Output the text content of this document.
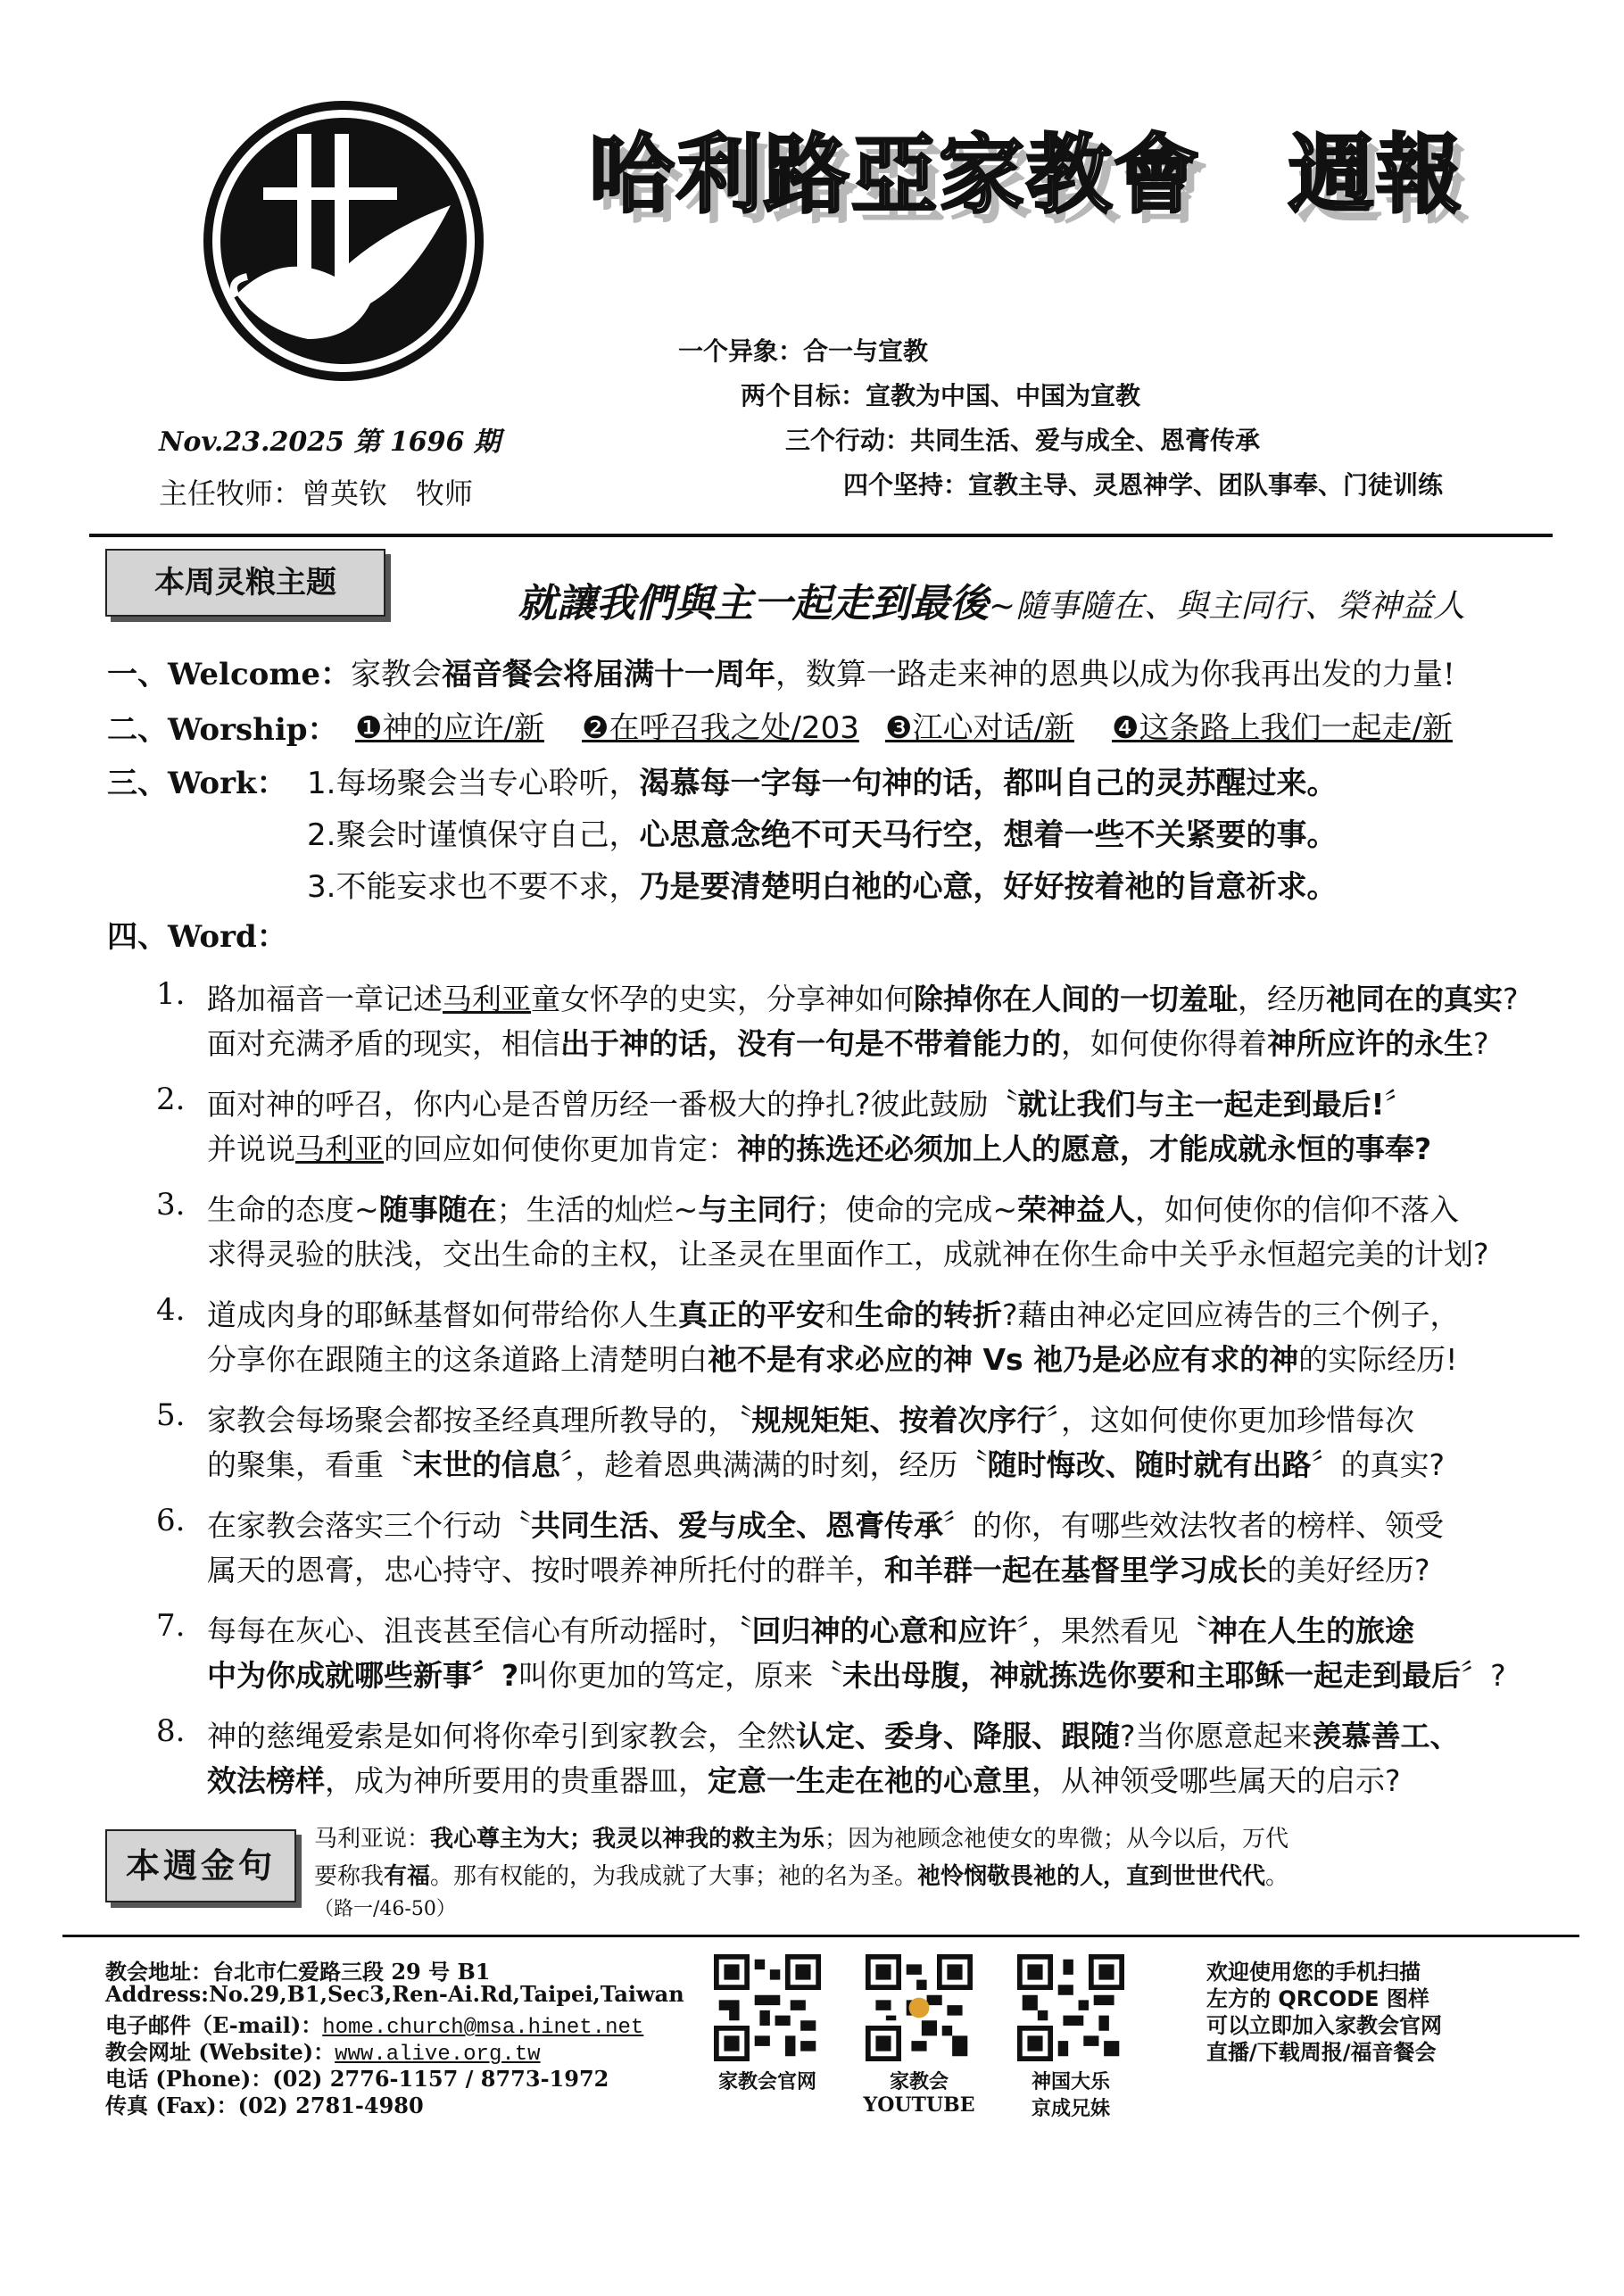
哈利路亞家教會　週報
一个异象：合一与宣教
两个目标：宣教为中国、中国为宣教
三个行动：共同生活、爱与成全、恩膏传承
四个坚持：宣教主导、灵恩神学、团队事奉、门徒训练
Nov.23.2025 第 1696 期
主任牧师：曾英钦　牧师
本周灵粮主题	就讓我們與主一起走到最後~隨事隨在、與主同行、榮神益人
一、Welcome：家教会福音餐会将届满十一周年，数算一路走来神的恩典以成为你我再出发的力量!
二、Worship： ❶神的应许/新 ❷在呼召我之处/203 ❸江心对话/新 ❹这条路上我们一起走/新
三、Work： 1.每场聚会当专心聆听，渴慕每一字每一句神的话，都叫自己的灵苏醒过来。
2.聚会时谨慎保守自己，心思意念绝不可天马行空，想着一些不关紧要的事。
3.不能妄求也不要不求，乃是要清楚明白祂的心意，好好按着祂的旨意祈求。
四、Word：
1. 路加福音一章记述马利亚童女怀孕的史实，分享神如何除掉你在人间的一切羞耻，经历祂同在的真实?
面对充满矛盾的现实，相信出于神的话，没有一句是不带着能力的，如何使你得着神所应许的永生?
2. 面对神的呼召，你内心是否曾历经一番极大的挣扎?彼此鼓励〝就让我们与主一起走到最后!〞
并说说马利亚的回应如何使你更加肯定：神的拣选还必须加上人的愿意，才能成就永恒的事奉?
3. 生命的态度~随事随在；生活的灿烂~与主同行；使命的完成~荣神益人，如何使你的信仰不落入
求得灵验的肤浅，交出生命的主权，让圣灵在里面作工，成就神在你生命中关乎永恒超完美的计划?
4. 道成肉身的耶稣基督如何带给你人生真正的平安和生命的转折?藉由神必定回应祷告的三个例子，
分享你在跟随主的这条道路上清楚明白祂不是有求必应的神 Vs 祂乃是必应有求的神的实际经历!
5. 家教会每场聚会都按圣经真理所教导的，〝规规矩矩、按着次序行〞，这如何使你更加珍惜每次
的聚集，看重〝末世的信息〞，趁着恩典满满的时刻，经历〝随时悔改、随时就有出路〞的真实?
6. 在家教会落实三个行动〝共同生活、爱与成全、恩膏传承〞的你，有哪些效法牧者的榜样、领受
属天的恩膏，忠心持守、按时喂养神所托付的群羊，和羊群一起在基督里学习成长的美好经历?
7. 每每在灰心、沮丧甚至信心有所动摇时，〝回归神的心意和应许〞，果然看见〝神在人生的旅途
中为你成就哪些新事〞?叫你更加的笃定，原来〝未出母腹，神就拣选你要和主耶稣一起走到最后〞?
8. 神的慈绳爱索是如何将你牵引到家教会，全然认定、委身、降服、跟随?当你愿意起来羡慕善工、
效法榜样，成为神所要用的贵重器皿，定意一生走在祂的心意里，从神领受哪些属天的启示?
本週金句
马利亚说：我心尊主为大；我灵以神我的救主为乐；因为祂顾念祂使女的卑微；从今以后，万代
要称我有福。那有权能的，为我成就了大事；祂的名为圣。祂怜悯敬畏祂的人，直到世世代代。
（路一/46-50）
教会地址：台北市仁爱路三段 29 号 B1
Address:No.29,B1,Sec3,Ren-Ai.Rd,Taipei,Taiwan
电子邮件（E-mail)：home.church@msa.hinet.net
教会网址 (Website)：www.alive.org.tw
电话 (Phone)：(02) 2776-1157 / 8773-1972
传真 (Fax)：(02) 2781-4980
家教会官网	家教会
YOUTUBE
神国大乐
京成兄妹
欢迎使用您的手机扫描
左方的 QRCODE 图样
可以立即加入家教会官网
直播/下载周报/福音餐会
